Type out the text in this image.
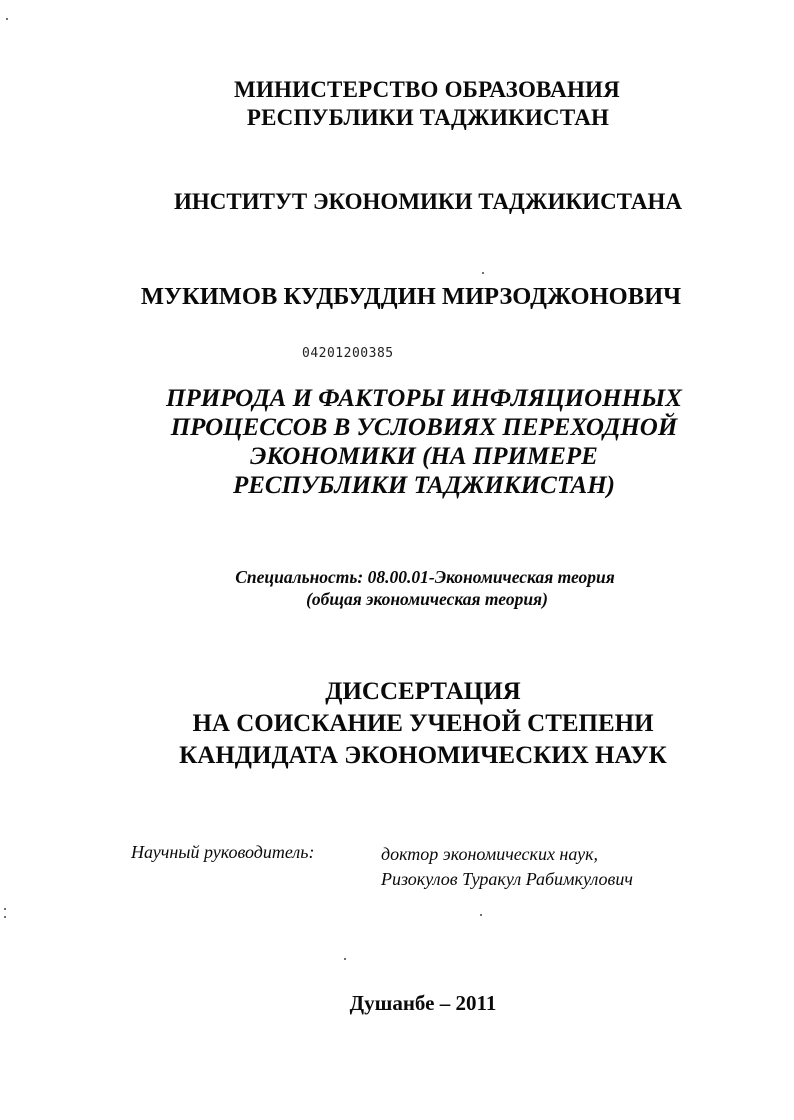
МИНИСТЕРСТВО ОБРАЗОВАНИЯ
РЕСПУБЛИКИ ТАДЖИКИСТАН
ИНСТИТУТ ЭКОНОМИКИ ТАДЖИКИСТАНА
МУКИМОВ КУДБУДДИН МИРЗОДЖОНОВИЧ
04201200385
ПРИРОДА И ФАКТОРЫ ИНФЛЯЦИОННЫХ
ПРОЦЕССОВ В УСЛОВИЯХ ПЕРЕХОДНОЙ
ЭКОНОМИКИ (НА ПРИМЕРЕ
РЕСПУБЛИКИ ТАДЖИКИСТАН)
Специальность: 08.00.01-Экономическая теория
(общая экономическая теория)
ДИССЕРТАЦИЯ
НА СОИСКАНИЕ УЧЕНОЙ СТЕПЕНИ
КАНДИДАТА ЭКОНОМИЧЕСКИХ НАУК
Научный руководитель:	доктор экономических наук,
Ризокулов Туракул Рабимкулович
Душанбе – 2011
